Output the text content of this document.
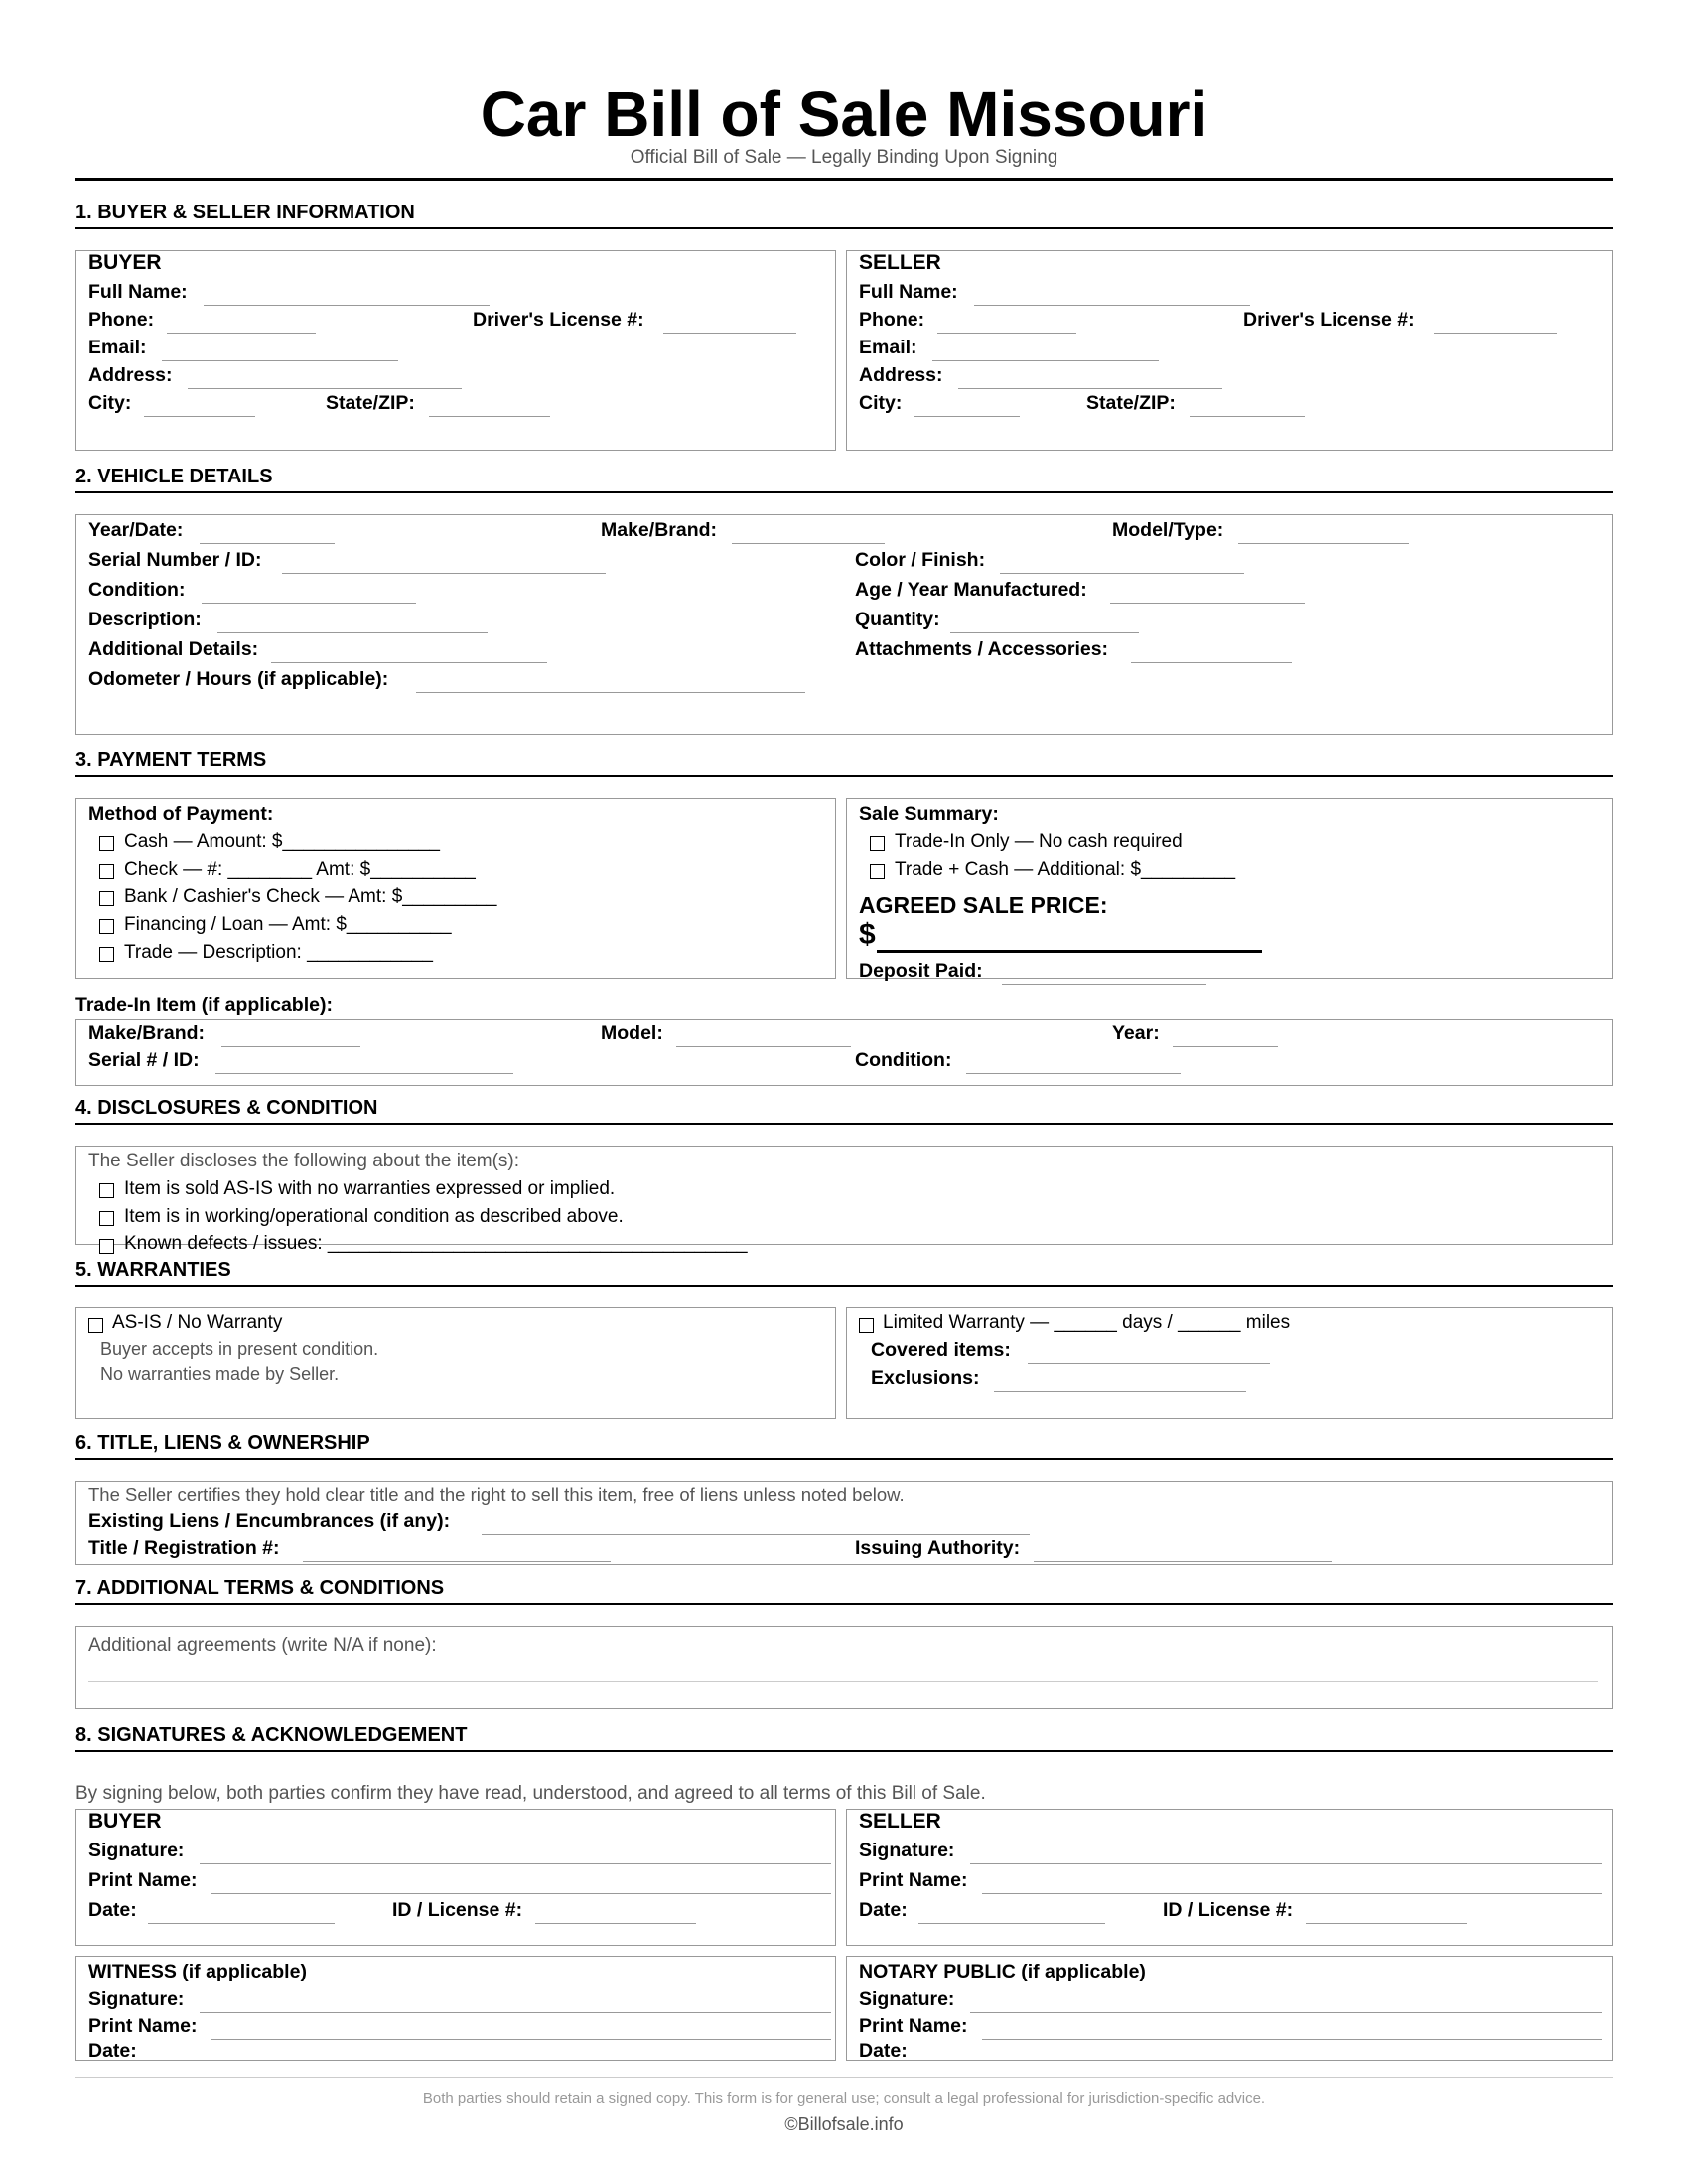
Car Bill of Sale Missouri
Official Bill of Sale — Legally Binding Upon Signing
1. BUYER & SELLER INFORMATION
BUYER
Full Name:
Phone:	Driver's License #:
Email:
Address:
City:	State/ZIP:
SELLER
Full Name:
Phone:	Driver's License #:
Email:
Address:
City:	State/ZIP:
2. VEHICLE DETAILS
Year/Date:	Make/Brand:	Model/Type:
Serial Number / ID:	Color / Finish:
Condition:	Age / Year Manufactured:
Description:	Quantity:
Additional Details:	Attachments / Accessories:
Odometer / Hours (if applicable):
3. PAYMENT TERMS
Method of Payment:
Cash — Amount: $_______________
Check — #: ________ Amt: $__________
Bank / Cashier's Check — Amt: $_________
Financing / Loan — Amt: $__________
Trade — Description: ____________
Sale Summary:
Trade-In Only — No cash required
Trade + Cash — Additional: $_________
AGREED SALE PRICE:
$
Deposit Paid:
Trade-In Item (if applicable):
Make/Brand:	Model:	Year:
Serial # / ID:	Condition:
4. DISCLOSURES & CONDITION
The Seller discloses the following about the item(s):
Item is sold AS-IS with no warranties expressed or implied.
Item is in working/operational condition as described above.
Known defects / issues: ________________________________________
5. WARRANTIES
AS-IS / No Warranty
Buyer accepts in present condition.
No warranties made by Seller.
Limited Warranty — ______ days / ______ miles
Covered items:
Exclusions:
6. TITLE, LIENS & OWNERSHIP
The Seller certifies they hold clear title and the right to sell this item, free of liens unless noted below.
Existing Liens / Encumbrances (if any):
Title / Registration #:	Issuing Authority:
7. ADDITIONAL TERMS & CONDITIONS
Additional agreements (write N/A if none):
8. SIGNATURES & ACKNOWLEDGEMENT
By signing below, both parties confirm they have read, understood, and agreed to all terms of this Bill of Sale.
BUYER
Signature:
Print Name:
Date:	ID / License #:
SELLER
Signature:
Print Name:
Date:	ID / License #:
WITNESS (if applicable)
Signature:
Print Name:
Date:
NOTARY PUBLIC (if applicable)
Signature:
Print Name:
Date:
Both parties should retain a signed copy. This form is for general use; consult a legal professional for jurisdiction-specific advice.
©Billofsale.info
